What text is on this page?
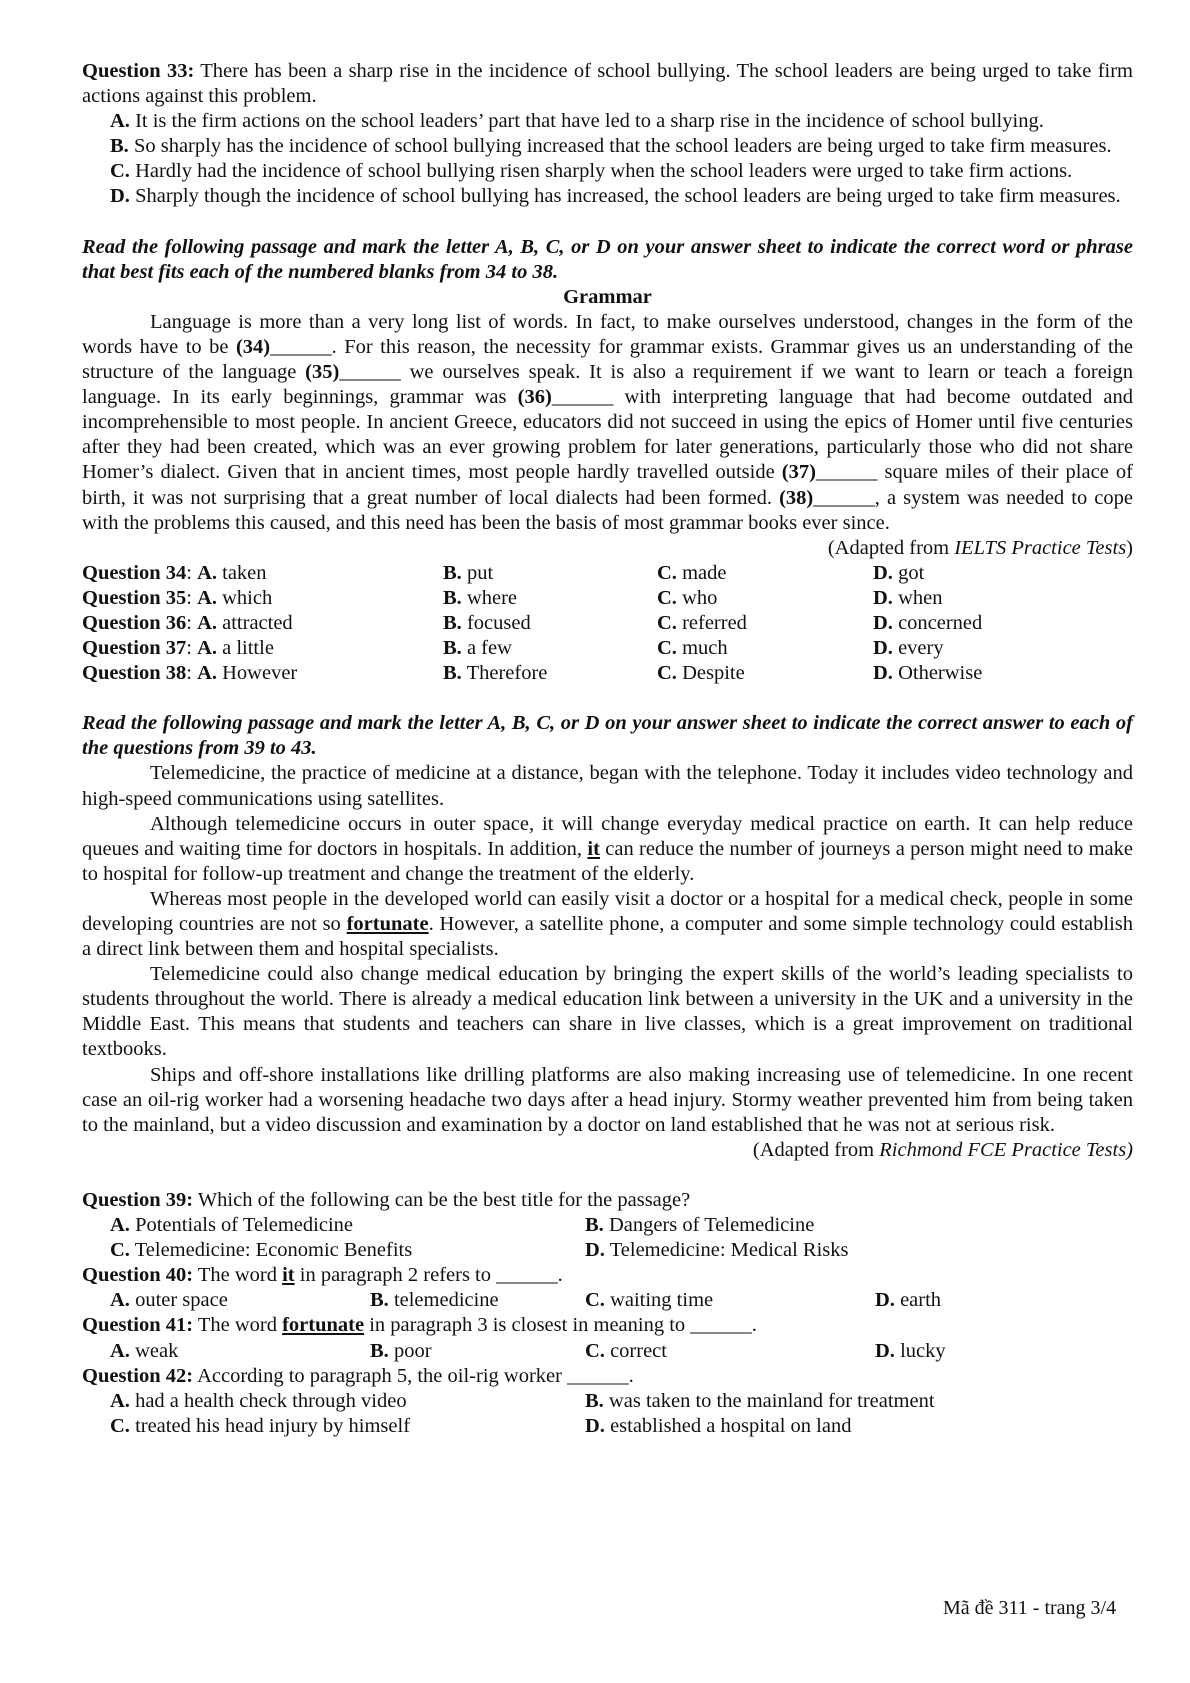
Question 33: There has been a sharp rise in the incidence of school bullying. The school leaders are being urged to take firm actions against this problem.

A. It is the firm actions on the school leaders’ part that have led to a sharp rise in the incidence of school bullying.

B. So sharply has the incidence of school bullying increased that the school leaders are being urged to take firm measures.

C. Hardly had the incidence of school bullying risen sharply when the school leaders were urged to take firm actions.

D. Sharply though the incidence of school bullying has increased, the school leaders are being urged to take firm measures.

Read the following passage and mark the letter A, B, C, or D on your answer sheet to indicate the correct word or phrase that best fits each of the numbered blanks from 34 to 38.

Grammar

Language is more than a very long list of words. In fact, to make ourselves understood, changes in the form of the words have to be (34)______. For this reason, the necessity for grammar exists. Grammar gives us an understanding of the structure of the language (35)______ we ourselves speak. It is also a requirement if we want to learn or teach a foreign language. In its early beginnings, grammar was (36)______ with interpreting language that had become outdated and incomprehensible to most people. In ancient Greece, educators did not succeed in using the epics of Homer until five centuries after they had been created, which was an ever growing problem for later generations, particularly those who did not share Homer’s dialect. Given that in ancient times, most people hardly travelled outside (37)______ square miles of their place of birth, it was not surprising that a great number of local dialects had been formed. (38)______, a system was needed to cope with the problems this caused, and this need has been the basis of most grammar books ever since.

(Adapted from IELTS Practice Tests)

Question 34: A. taken	B. put	C. made	D. got
Question 35: A. which	B. where	C. who	D. when
Question 36: A. attracted	B. focused	C. referred	D. concerned
Question 37: A. a little	B. a few	C. much	D. every
Question 38: A. However	B. Therefore	C. Despite	D. Otherwise

Read the following passage and mark the letter A, B, C, or D on your answer sheet to indicate the correct answer to each of the questions from 39 to 43.

Telemedicine, the practice of medicine at a distance, began with the telephone. Today it includes video technology and high-speed communications using satellites.

Although telemedicine occurs in outer space, it will change everyday medical practice on earth. It can help reduce queues and waiting time for doctors in hospitals. In addition, it can reduce the number of journeys a person might need to make to hospital for follow-up treatment and change the treatment of the elderly.

Whereas most people in the developed world can easily visit a doctor or a hospital for a medical check, people in some developing countries are not so fortunate. However, a satellite phone, a computer and some simple technology could establish a direct link between them and hospital specialists.

Telemedicine could also change medical education by bringing the expert skills of the world’s leading specialists to students throughout the world. There is already a medical education link between a university in the UK and a university in the Middle East. This means that students and teachers can share in live classes, which is a great improvement on traditional textbooks.

Ships and off-shore installations like drilling platforms are also making increasing use of telemedicine. In one recent case an oil-rig worker had a worsening headache two days after a head injury. Stormy weather prevented him from being taken to the mainland, but a video discussion and examination by a doctor on land established that he was not at serious risk.

(Adapted from Richmond FCE Practice Tests)

Question 39: Which of the following can be the best title for the passage?

A. Potentials of Telemedicine	B. Dangers of Telemedicine
C. Telemedicine: Economic Benefits	D. Telemedicine: Medical Risks

Question 40: The word it in paragraph 2 refers to ______.

A. outer space	B. telemedicine	C. waiting time	D. earth

Question 41: The word fortunate in paragraph 3 is closest in meaning to ______.

A. weak	B. poor	C. correct	D. lucky

Question 42: According to paragraph 5, the oil-rig worker ______.

A. had a health check through video	B. was taken to the mainland for treatment
C. treated his head injury by himself	D. established a hospital on land
Mã đề 311 - trang 3/4
